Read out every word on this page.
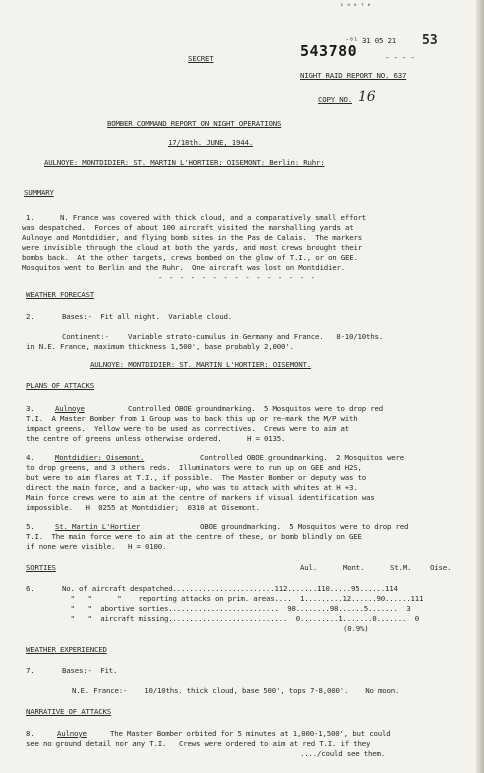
² ᴴ ᴿ ᵀ ᴷ
⁻⁶¹ 31 05 21 53
SECRET	543780	- - - -
NIGHT RAID REPORT NO. 637
COPY NO. 16
BOMBER COMMAND REPORT ON NIGHT OPERATIONS
17/18th. JUNE, 1944.
AULNOYE: MONTDIDIER: ST. MARTIN L'HORTIER: OISEMONT: Berlin: Ruhr:
SUMMARY
1.	N. France was covered with thick cloud, and a comparatively small effort
was despatched.  Forces of about 100 aircraft visited the marshalling yards at
Aulnoye and Montdidier, and flying bomb sites in the Pas de Calais.  The markers
were invisible through the cloud at both the yards, and most crews brought their
bombs back.  At the other targets, crews bombed on the glow of T.I., or on GEE.
Mosquitos went to Berlin and the Ruhr.  One aircraft was lost on Montdidier.
- - - - - - - - - - - - - - -
WEATHER FORECAST
2.	Bases:-  Fit all night.  Variable cloud.
Continent:-	Variable strato-cumulus in Germany and France.   8-10/10ths.
in N.E. France, maximum thickness 1,500', base probably 2,000'.
AULNOYE: MONTDIDIER: ST. MARTIN L'HORTIER: OISEMONT.
PLANS OF ATTACKS
3.	Aulnoye	Controlled OBOE groundmarking.  5 Mosquitos were to drop red
T.I.  A Master Bomber from 1 Group was to back this up or re-mark the M/P with
impact greens.  Yellow were to be used as correctives.  Crews were to aim at
the centre of greens unless otherwise ordered.      H = 0135.
4.	Montdidier: Oisemont.	Controlled OBOE groundmarking.  2 Mosquitos were
to drop greens, and 3 others reds.  Illuminators were to run up on GEE and H2S,
but were to aim flares at T.I., if possible.  The Master Bomber or deputy was to
direct the main force, and a backer-up, who was to attack with whites at H +3.
Main force crews were to aim at the centre of markers if visual identification was
impossible.   H  0255 at Montdidier;  0310 at Oisemont.
5.	St. Martin L'Hortier	OBOE groundmarking.  5 Mosquitos were to drop red
T.I.  The main force were to aim at the centre of these, or bomb blindly on GEE
if none were visible.   H = 0100.
SORTIES	Aul.	Mont.	St.M.	Oise.
6.	No. of aircraft despatched........................112.......110.....95......114
"   "      "    reporting attacks on prim. areas....  1.........12......90......111
"   "  abortive sorties..........................  98........98......5.......  3
"   "  aircraft missing............................  0.........1.......0.......  0
(0.9%)
WEATHER EXPERIENCED
7.	Bases:-  Fit.
N.E. France:-    10/10ths. thick cloud, base 500', tops 7-8,000'.    No moon.
NARRATIVE OF ATTACKS
8.	Aulnoye	The Master Bomber orbited for 5 minutes at 1,000-1,500', but could
see no ground detail nor any T.I.   Crews were ordered to aim at red T.I. if they
..../could see them.
